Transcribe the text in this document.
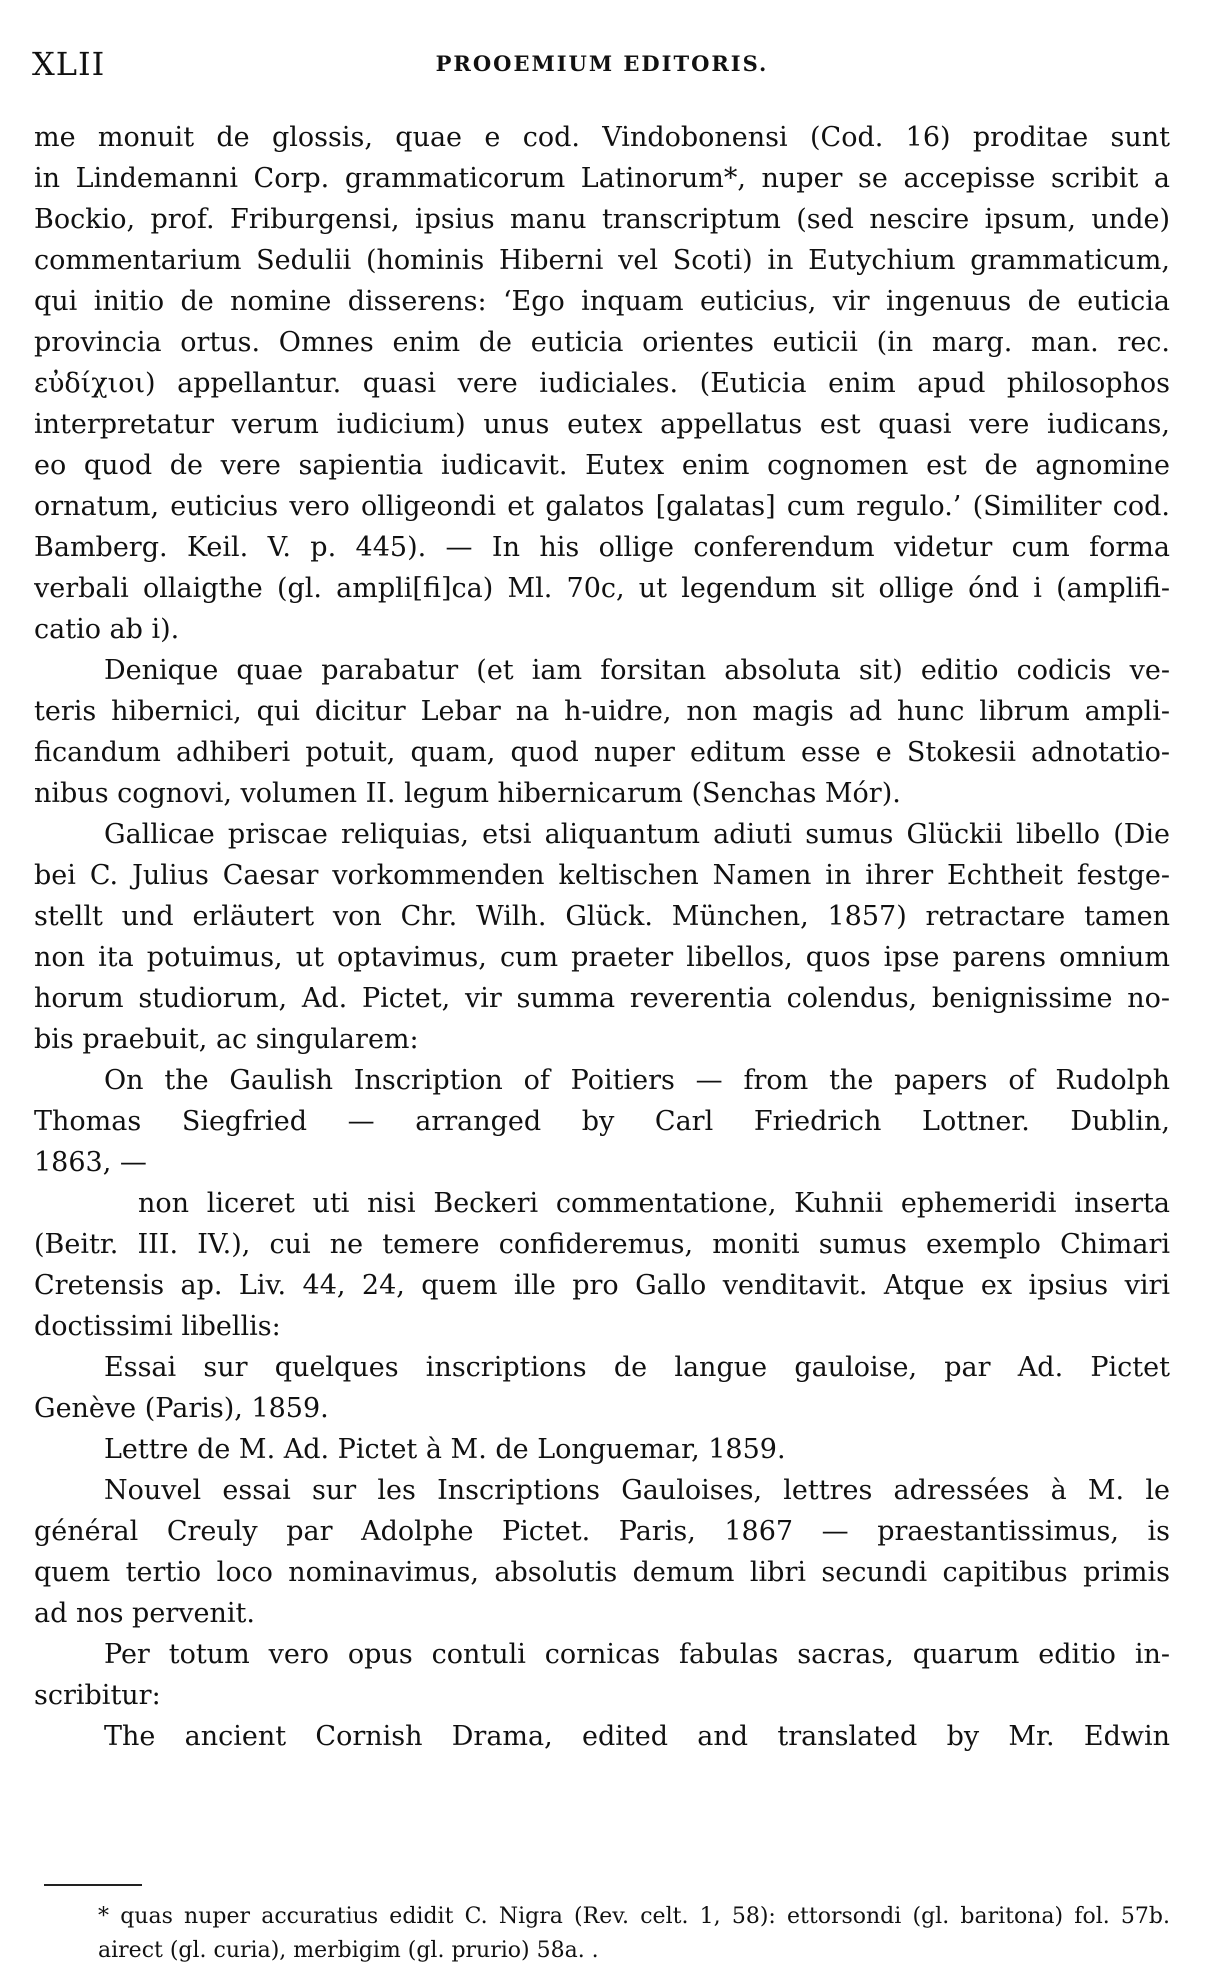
XLII	PROOEMIUM EDITORIS.
me monuit de glossis, quae e cod. Vindobonensi (Cod. 16) proditae sunt
in Lindemanni Corp. grammaticorum Latinorum*, nuper se accepisse scribit a
Bockio, prof. Friburgensi, ipsius manu transcriptum (sed nescire ipsum, unde)
commentarium Sedulii (hominis Hiberni vel Scoti) in Eutychium grammaticum,
qui initio de nomine disserens: ‘Ego inquam euticius, vir ingenuus de euticia
provincia ortus. Omnes enim de euticia orientes euticii (in marg. man. rec.
εὐδίχιοι) appellantur. quasi vere iudiciales. (Euticia enim apud philosophos
interpretatur verum iudicium) unus eutex appellatus est quasi vere iudicans,
eo quod de vere sapientia iudicavit. Eutex enim cognomen est de agnomine
ornatum, euticius vero olligeondi et galatos [galatas] cum regulo.’ (Similiter cod.
Bamberg. Keil. V. p. 445). — In his ollige conferendum videtur cum forma
verbali ollaigthe (gl. ampli[fi]ca) Ml. 70c, ut legendum sit ollige ónd i (amplifi-
catio ab i).
Denique quae parabatur (et iam forsitan absoluta sit) editio codicis ve-
teris hibernici, qui dicitur Lebar na h-uidre, non magis ad hunc librum ampli-
ficandum adhiberi potuit, quam, quod nuper editum esse e Stokesii adnotatio-
nibus cognovi, volumen II. legum hibernicarum (Senchas Mór).
Gallicae priscae reliquias, etsi aliquantum adiuti sumus Glückii libello (Die
bei C. Julius Caesar vorkommenden keltischen Namen in ihrer Echtheit festge-
stellt und erläutert von Chr. Wilh. Glück. München, 1857) retractare tamen
non ita potuimus, ut optavimus, cum praeter libellos, quos ipse parens omnium
horum studiorum, Ad. Pictet, vir summa reverentia colendus, benignissime no-
bis praebuit, ac singularem:
On the Gaulish Inscription of Poitiers — from the papers of Rudolph
Thomas Siegfried — arranged by Carl Friedrich Lottner. Dublin,
1863, —
non liceret uti nisi Beckeri commentatione, Kuhnii ephemeridi inserta
(Beitr. III. IV.), cui ne temere confideremus, moniti sumus exemplo Chimari
Cretensis ap. Liv. 44, 24, quem ille pro Gallo venditavit. Atque ex ipsius viri
doctissimi libellis:
Essai sur quelques inscriptions de langue gauloise, par Ad. Pictet
Genève (Paris), 1859.
Lettre de M. Ad. Pictet à M. de Longuemar, 1859.
Nouvel essai sur les Inscriptions Gauloises, lettres adressées à M. le
général Creuly par Adolphe Pictet. Paris, 1867 — praestantissimus, is
quem tertio loco nominavimus, absolutis demum libri secundi capitibus primis
ad nos pervenit.
Per totum vero opus contuli cornicas fabulas sacras, quarum editio in-
scribitur:
The ancient Cornish Drama, edited and translated by Mr. Edwin
* quas nuper accuratius edidit C. Nigra (Rev. celt. 1, 58): ettorsondi (gl. baritona) fol. 57b.
airect (gl. curia), merbigim (gl. prurio) 58a. .
